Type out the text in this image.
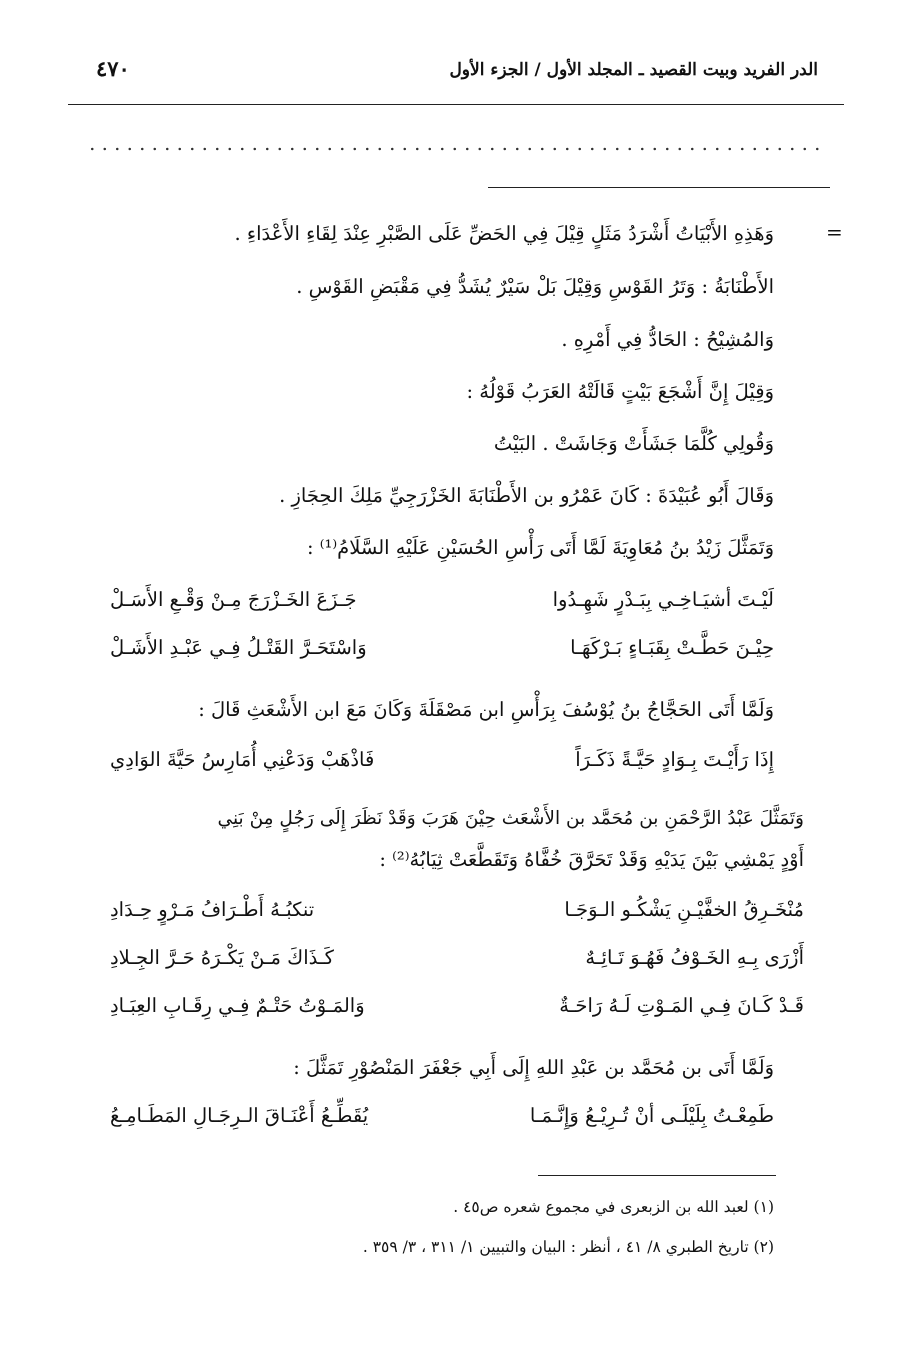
الدر الفريد وبيت القصيد ـ المجلد الأول / الجزء الأول
٤٧٠
=
وَهَذِهِ الأَبْيَاتُ أَشْرَدُ مَثَلٍ قِيْلَ فِي الحَضِّ عَلَى الصَّبْرِ عِنْدَ لِقَاءِ الأَعْدَاءِ .
الأَطْنَابَةُ : وَتَرُ القَوْسِ وَقِيْلَ بَلْ سَيْرٌ يُشَدُّ فِي مَقْبَضِ القَوْسِ .
وَالمُشِيْحُ : الحَادُّ فِي أَمْرِهِ .
وَقِيْلَ إِنَّ أَشْجَعَ بَيْتٍ قَالَتْهُ العَرَبُ قَوْلُهُ :
وَقُولِي كُلَّمَا جَشَأَتْ وَجَاشَتْ . البَيْتُ
وَقَالَ أَبُو عُبَيْدَةَ : كَانَ عَمْرُو بن الأَطْنَابَةَ الخَزْرَجِيِّ مَلِكَ الحِجَازِ .
وَتَمَثَّلَ زَيْدُ بنُ مُعَاوِيَةَ لَمَّا أَتَى رَأْسِ الحُسَيْنِ عَلَيْهِ السَّلَامُ⁽¹⁾ :
لَيْـتَ أشيَـاخِـي بِبَـدْرٍ شَهِـدُوا
جَـزَعَ الخَـزْرَجَ مِـنْ وَقْـعِ الأَسَـلْ
حِيْـنَ حَطَّـتْ بِقَبَـاءٍ بَـرْكَهَـا
وَاسْتَحَـرَّ القَتْـلُ فِـي عَبْـدِ الأَشَـلْ
وَلَمَّا أَتَى الحَجَّاجُ بنُ يُوْسُفَ بِرَأْسِ ابن مَصْقَلَةَ وَكَانَ مَعَ ابن الأَشْعَثِ قَالَ :
إِذَا رَأَيْـتَ بِـوَادٍ حَيَّـةً ذَكَـرَاً
فَاذْهَبْ وَدَعْنِي أُمَارِسُ حَيَّةَ الوَادِي
وَتَمَثَّلَ عَبْدُ الرَّحْمَنِ بن مُحَمَّد بن الأَشْعَث حِيْنَ هَرَبَ وَقَدْ نَظَرَ إِلَى رَجُلٍ مِنْ بَنِي
أَوْدٍ يَمْشِي بَيْنَ يَدَيْهِ وَقَدْ تَحَرَّقَ خُفَّاهُ وَتَقَطَّعَتْ ثِيَابُهُ⁽²⁾ :
مُنْخَـرِقُ الخفَّيْـنِ يَشْكُـو الـوَجَـا
تنكبُـهُ أَطْـرَافُ مَـرْوٍ حِـدَادِ
أَزْرَى بِـهِ الخَـوْفُ فَهُـوَ تَـائِـهٌ
كَـذَاكَ مَـنْ يَكْـرَهُ حَـرَّ الجِـلادِ
قَـدْ كَـانَ فِـي المَـوْتِ لَـهُ رَاحَـةٌ
وَالمَـوْتُ حَتْـمٌ فِـي رِقَـابِ العِبَـادِ
وَلَمَّا أَتَى بن مُحَمَّد بن عَبْدِ اللهِ إِلَى أَبِي جَعْفَرَ المَنْصُوْرِ تَمَثَّلَ :
طَمِعْـتُ بِلَيْلَـى أنْ تُـرِيْـعُ وَإِنَّـمَـا
يُقَطِّـعُ أَعْنَـاقَ الـرِجَـالِ المَطَـامِـعُ
(١) لعبد الله بن الزبعرى في مجموع شعره ص٤٥ .
(٢) تاريخ الطبري ٨/ ٤١ ، أنظر : البيان والتبيين ١/ ٣١١ ، ٣/ ٣٥٩ .
